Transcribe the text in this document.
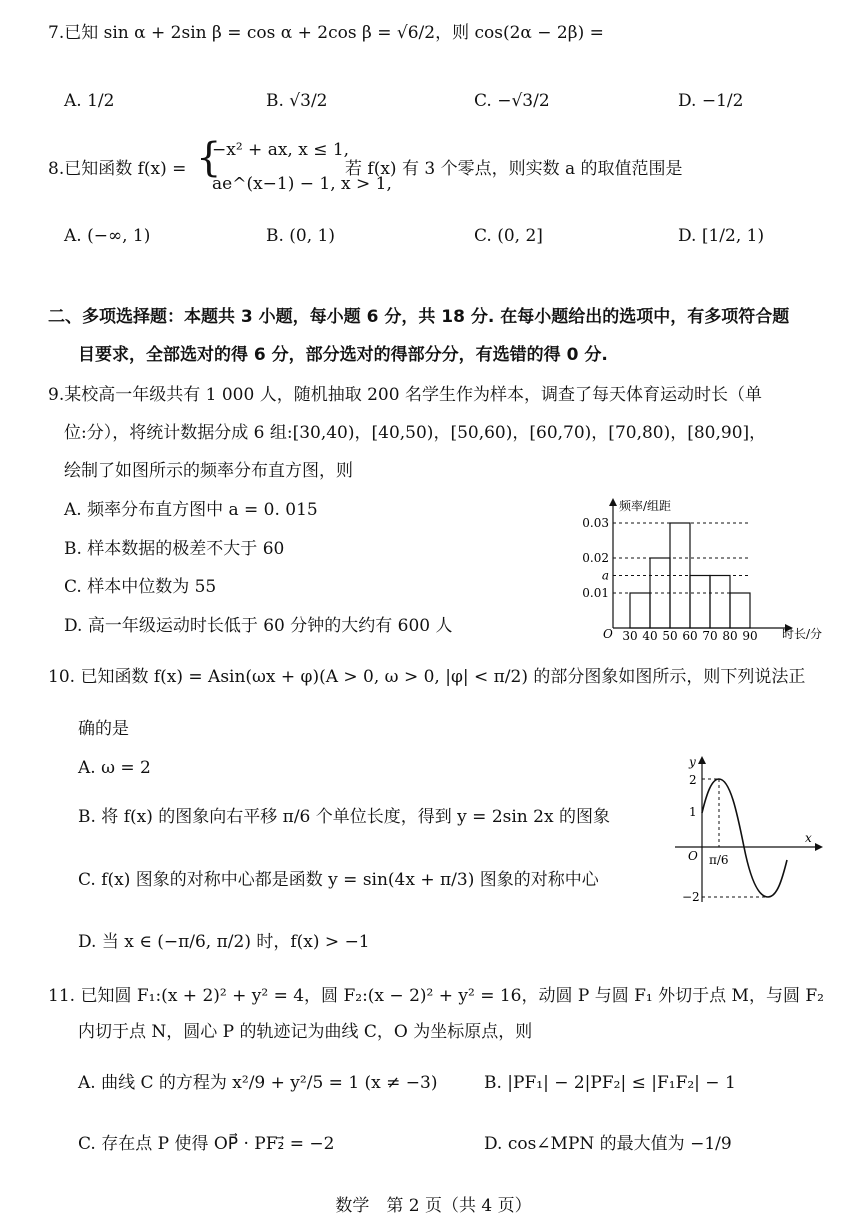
7.已知 sin α + 2sin β = cos α + 2cos β = √6/2，则 cos(2α − 2β) =
A. 1/2	B. √3/2	C. −√3/2	D. −1/2
8.已知函数 f(x) = {
−x² + ax, x ≤ 1,
ae^(x−1) − 1, x > 1,
若 f(x) 有 3 个零点，则实数 a 的取值范围是
A. (−∞, 1)	B. (0, 1)	C. (0, 2]	D. [1/2, 1)
二、多项选择题：本题共 3 小题，每小题 6 分，共 18 分. 在每小题给出的选项中，有多项符合题
目要求，全部选对的得 6 分，部分选对的得部分分，有选错的得 0 分.
9.某校高一年级共有 1 000 人，随机抽取 200 名学生作为样本，调查了每天体育运动时长（单
位:分），将统计数据分成 6 组:[30,40)，[40,50)，[50,60)，[60,70)，[70,80)，[80,90]，
绘制了如图所示的频率分布直方图，则
A. 频率分布直方图中 a = 0. 015
B. 样本数据的极差不大于 60
C. 样本中位数为 55
D. 高一年级运动时长低于 60 分钟的大约有 600 人
频率/组距
时长/分
O
0.03
0.02
a
0.01
30 40 50 60 70 80 90
10. 已知函数 f(x) = Asin(ωx + φ)(A > 0, ω > 0, |φ| < π/2) 的部分图象如图所示，则下列说法正
确的是
A. ω = 2
B. 将 f(x) 的图象向右平移 π/6 个单位长度，得到 y = 2sin 2x 的图象
C. f(x) 图象的对称中心都是函数 y = sin(4x + π/3) 图象的对称中心
D. 当 x ∈ (−π/6, π/2) 时，f(x) > −1
y
x
O
2
1
−2
π/6
11. 已知圆 F₁:(x + 2)² + y² = 4，圆 F₂:(x − 2)² + y² = 16，动圆 P 与圆 F₁ 外切于点 M，与圆 F₂
内切于点 N，圆心 P 的轨迹记为曲线 C，O 为坐标原点，则
A. 曲线 C 的方程为 x²/9 + y²/5 = 1 (x ≠ −3)	B. |PF₁| − 2|PF₂| ≤ |F₁F₂| − 1
C. 存在点 P 使得 OP⃗ · PF₂⃗ = −2	D. cos∠MPN 的最大值为 −1/9
数学　第 2 页（共 4 页）
